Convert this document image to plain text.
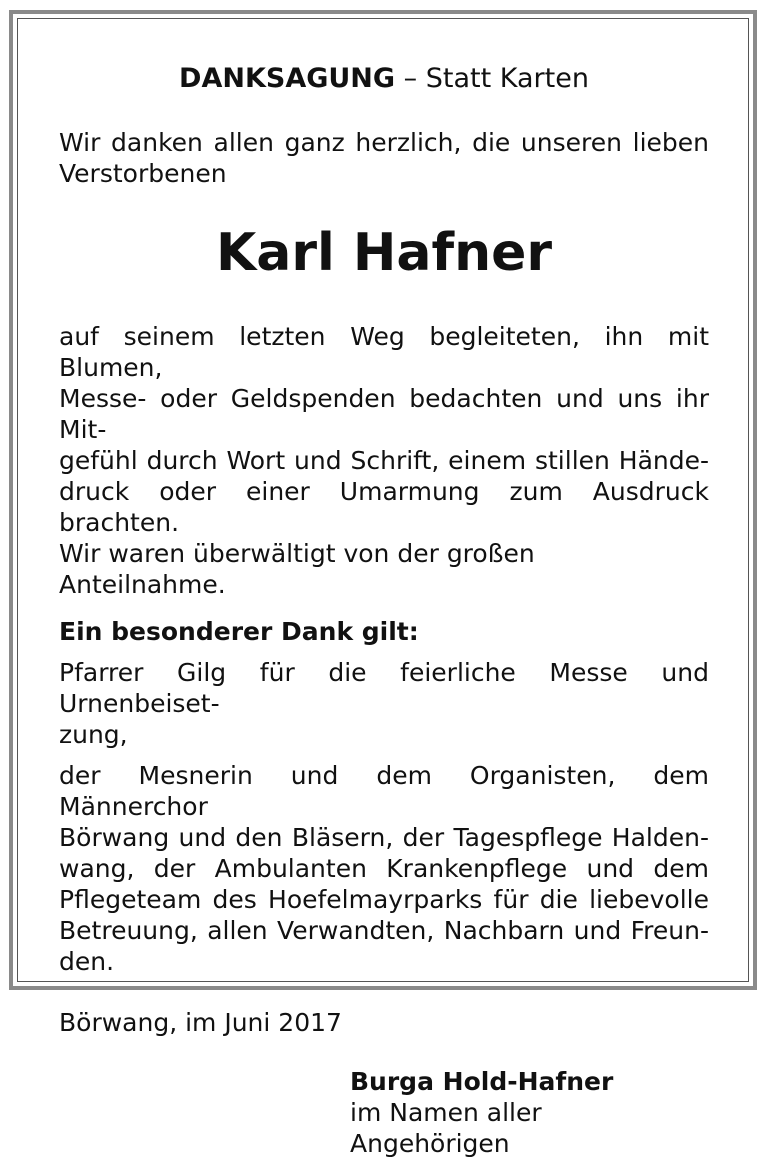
DANKSAGUNG – Statt Karten
Wir danken allen ganz herzlich, die unseren lieben
Verstorbenen
Karl Hafner
auf seinem letzten Weg begleiteten, ihn mit Blumen,
Messe- oder Geldspenden bedachten und uns ihr Mit-
gefühl durch Wort und Schrift, einem stillen Hände-
druck oder einer Umarmung zum Ausdruck brachten.
Wir waren überwältigt von der großen Anteilnahme.
Ein besonderer Dank gilt:
Pfarrer Gilg für die feierliche Messe und Urnenbeiset-
zung,
der Mesnerin und dem Organisten, dem Männerchor
Börwang und den Bläsern, der Tagespflege Halden-
wang, der Ambulanten Krankenpflege und dem
Pflegeteam des Hoefelmayrparks für die liebevolle
Betreuung, allen Verwandten, Nachbarn und Freun-
den.
Börwang, im Juni 2017
Burga Hold-Hafner
im Namen aller Angehörigen
